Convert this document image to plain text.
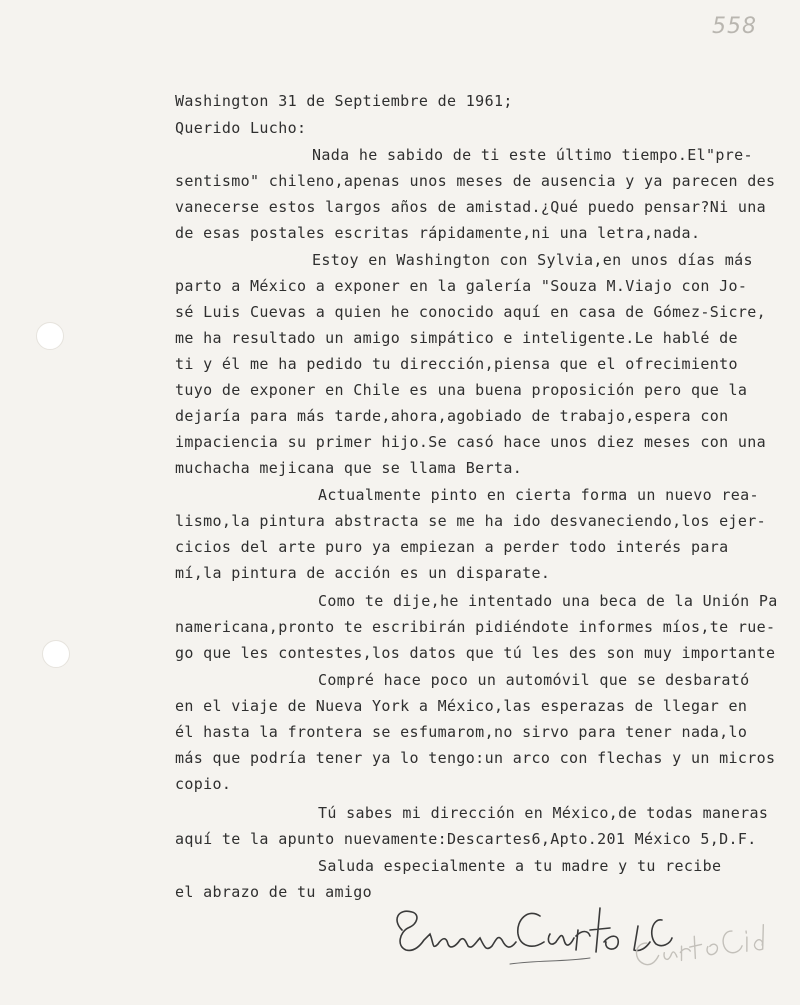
558
Washington 31 de Septiembre de 1961;
Querido Lucho:
Nada he sabido de ti este último tiempo.El"pre-
sentismo" chileno,apenas unos meses de ausencia y ya parecen des
vanecerse estos largos años de amistad.¿Qué puedo pensar?Ni una
de esas postales escritas rápidamente,ni una letra,nada.
Estoy en Washington con Sylvia,en unos días más
parto a México a exponer en la galería "Souza M.Viajo con Jo-
sé Luis Cuevas a quien he conocido aquí en casa de Gómez-Sicre,
me ha resultado un amigo simpático e inteligente.Le hablé de
ti y él me ha pedido tu dirección,piensa que el ofrecimiento
tuyo de exponer en Chile es una buena proposición pero que la
dejaría para más tarde,ahora,agobiado de trabajo,espera con
impaciencia su primer hijo.Se casó hace unos diez meses con una
muchacha mejicana que se llama Berta.
Actualmente pinto en cierta forma un nuevo rea-
lismo,la pintura abstracta se me ha ido desvaneciendo,los ejer-
cicios del arte puro ya empiezan a perder todo interés para
mí,la pintura de acción es un disparate.
Como te dije,he intentado una beca de la Unión Pa
namericana,pronto te escribirán pidiéndote informes míos,te rue-
go que les contestes,los datos que tú les des son muy importante
Compré hace poco un automóvil que se desbarató
en el viaje de Nueva York a México,las esperazas de llegar en
él hasta la frontera se esfumarom,no sirvo para tener nada,lo
más que podría tener ya lo tengo:un arco con flechas y un micros
copio.
Tú sabes mi dirección en México,de todas maneras
aquí te la apunto nuevamente:Descartes6,Apto.201 México 5,D.F.
Saluda especialmente a tu madre y tu recibe
el abrazo de tu amigo
